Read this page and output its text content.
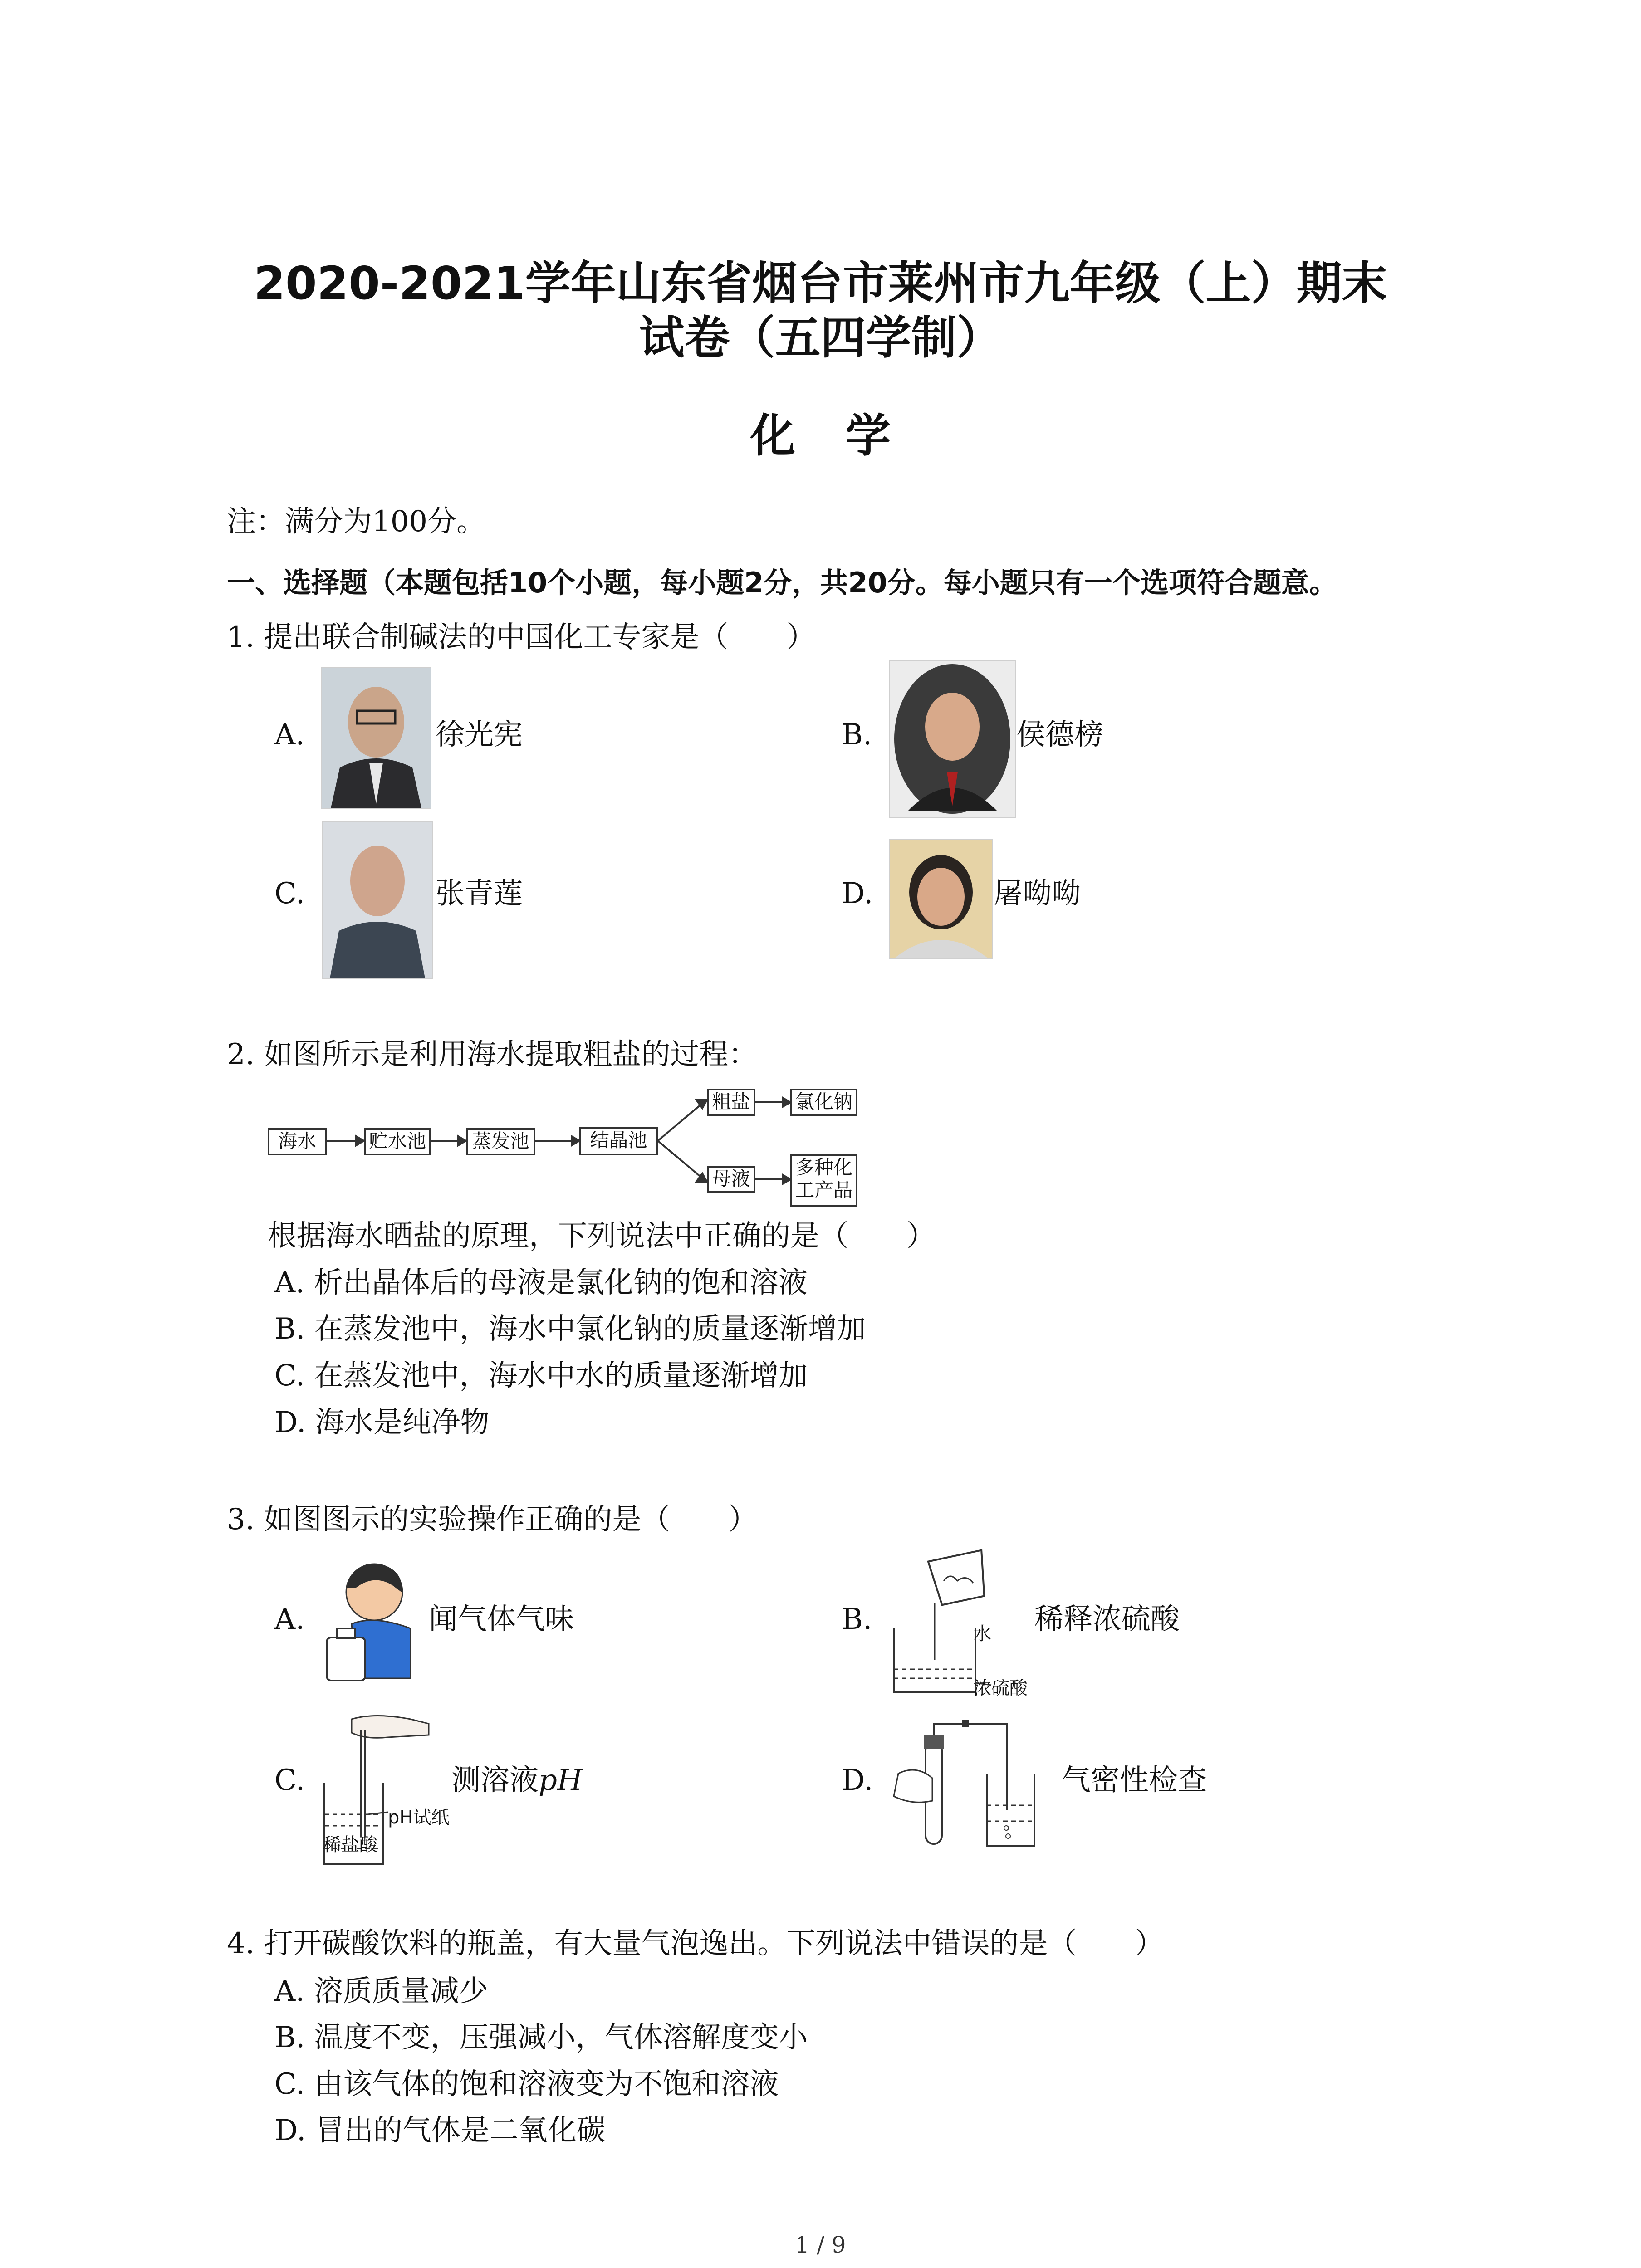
2020-2021学年山东省烟台市莱州市九年级（上）期末
试卷（五四学制）
化学
注：满分为100分。
一、选择题（本题包括10个小题，每小题2分，共20分。每小题只有一个选项符合题意。
1. 提出联合制碱法的中国化工专家是（　　）
A.	徐光宪	B.	侯德榜
C.	张青莲	D.	屠呦呦
2. 如图所示是利用海水提取粗盐的过程：
海水	贮水池	蒸发池	结晶池
粗盐 氯化钠
母液
多种化
工产品
根据海水晒盐的原理，下列说法中正确的是（　　）
A. 析出晶体后的母液是氯化钠的饱和溶液
B. 在蒸发池中，海水中氯化钠的质量逐渐增加
C. 在蒸发池中，海水中水的质量逐渐增加
D. 海水是纯净物
3. 如图图示的实验操作正确的是（　　）
A.	闻气体气味	B.	水
浓硫酸
稀释浓硫酸
C.
pH试纸
稀盐酸
测溶液pH	D.	气密性检查
4. 打开碳酸饮料的瓶盖，有大量气泡逸出。下列说法中错误的是（　　）
A. 溶质质量减少
B. 温度不变，压强减小，气体溶解度变小
C. 由该气体的饱和溶液变为不饱和溶液
D. 冒出的气体是二氧化碳
1 / 9
